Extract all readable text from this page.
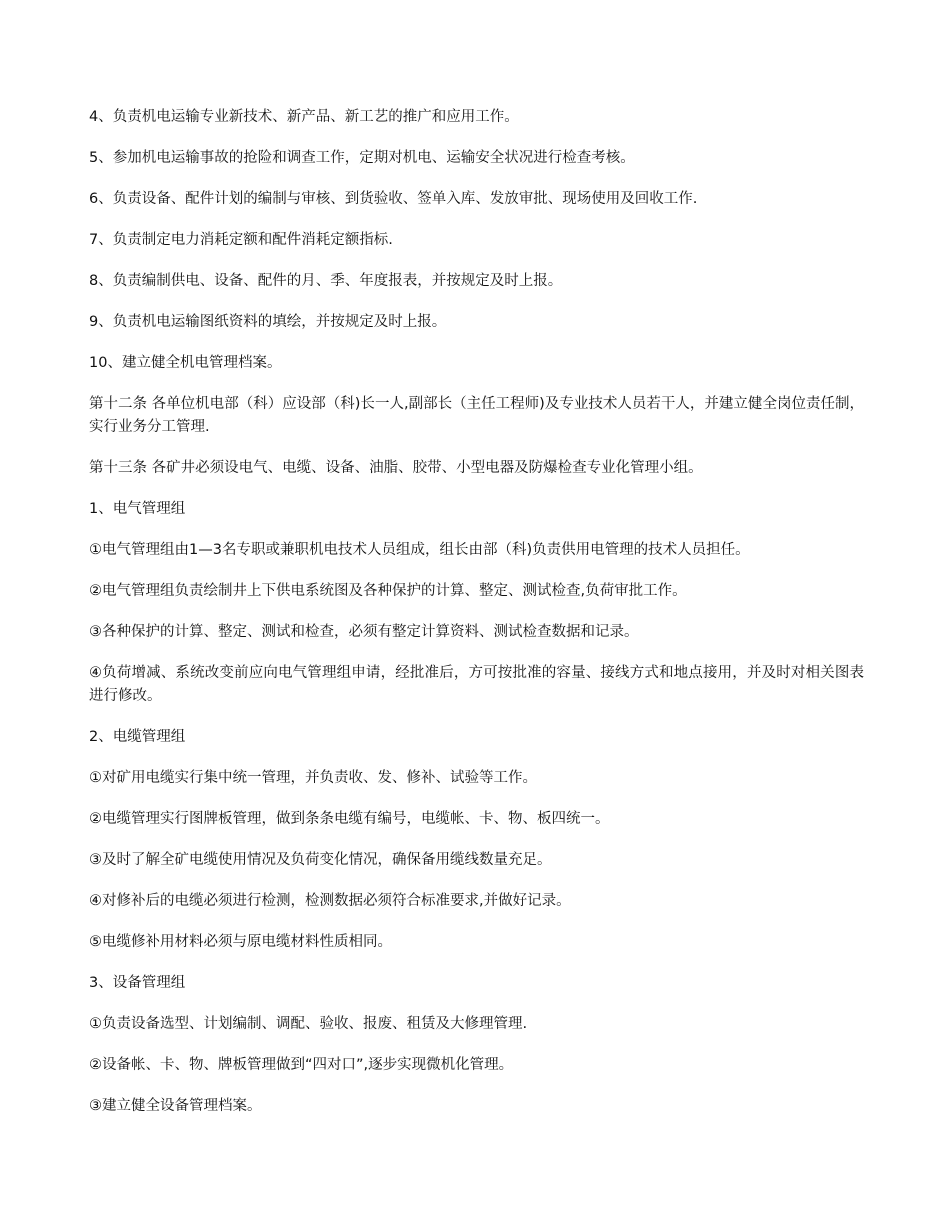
4、负责机电运输专业新技术、新产品、新工艺的推广和应用工作。

5、参加机电运输事故的抢险和调查工作，定期对机电、运输安全状况进行检查考核。

6、负责设备、配件计划的编制与审核、到货验收、签单入库、发放审批、现场使用及回收工作.

7、负责制定电力消耗定额和配件消耗定额指标.

8、负责编制供电、设备、配件的月、季、年度报表，并按规定及时上报。

9、负责机电运输图纸资料的填绘，并按规定及时上报。

10、建立健全机电管理档案。

第十二条 各单位机电部（科）应设部（科)长一人,副部长（主任工程师)及专业技术人员若干人，并建立健全岗位责任制，实行业务分工管理.

第十三条 各矿井必须设电气、电缆、设备、油脂、胶带、小型电器及防爆检查专业化管理小组。

1、电气管理组

①电气管理组由1—3名专职或兼职机电技术人员组成，组长由部（科)负责供用电管理的技术人员担任。

②电气管理组负责绘制井上下供电系统图及各种保护的计算、整定、测试检查,负荷审批工作。

③各种保护的计算、整定、测试和检查，必须有整定计算资料、测试检查数据和记录。

④负荷增减、系统改变前应向电气管理组申请，经批准后，方可按批准的容量、接线方式和地点接用，并及时对相关图表进行修改。

2、电缆管理组

①对矿用电缆实行集中统一管理，并负责收、发、修补、试验等工作。

②电缆管理实行图牌板管理，做到条条电缆有编号，电缆帐、卡、物、板四统一。

③及时了解全矿电缆使用情况及负荷变化情况，确保备用缆线数量充足。

④对修补后的电缆必须进行检测，检测数据必须符合标准要求,并做好记录。

⑤电缆修补用材料必须与原电缆材料性质相同。

3、设备管理组

①负责设备选型、计划编制、调配、验收、报废、租赁及大修理管理.

②设备帐、卡、物、牌板管理做到“四对口”,逐步实现微机化管理。

③建立健全设备管理档案。
